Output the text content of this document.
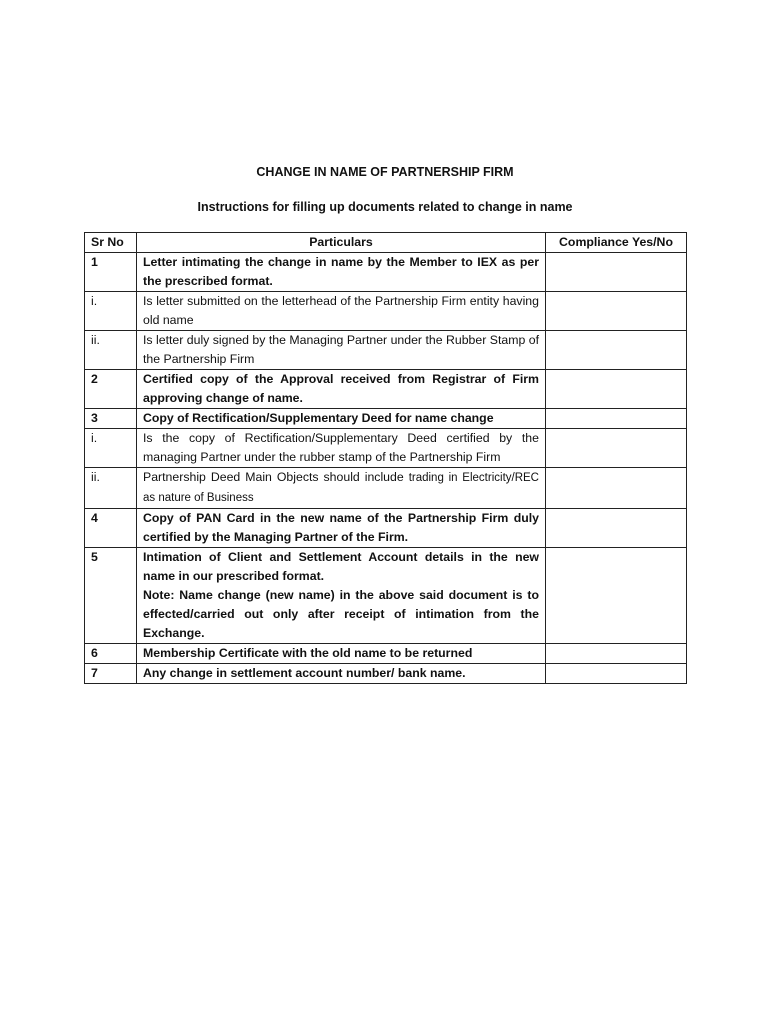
CHANGE IN NAME OF PARTNERSHIP FIRM
Instructions for filling up documents related to change in name
Sr No	Particulars	Compliance Yes/No
1	Letter intimating the change in name by the Member to IEX as per the prescribed format.	
i.	Is letter submitted on the letterhead of the Partnership Firm entity having old name	
ii.	Is letter duly signed by the Managing Partner under the Rubber Stamp of the Partnership Firm	
2	Certified copy of the Approval received from Registrar of Firm approving change of name.	
3	Copy of Rectification/Supplementary Deed for name change	
i.	Is the copy of Rectification/Supplementary Deed certified by the managing Partner under the rubber stamp of the Partnership Firm	
ii.	Partnership Deed Main Objects should include trading in Electricity/REC as nature of Business	
4	Copy of PAN Card in the new name of the Partnership Firm duly certified by the Managing Partner of the Firm.	
5	Intimation of Client and Settlement Account details in the new name in our prescribed format.
Note: Name change (new name) in the above said document is to effected/carried out only after receipt of intimation from the Exchange.	

6	Membership Certificate with the old name to be returned	
7	Any change in settlement account number/ bank name.	
